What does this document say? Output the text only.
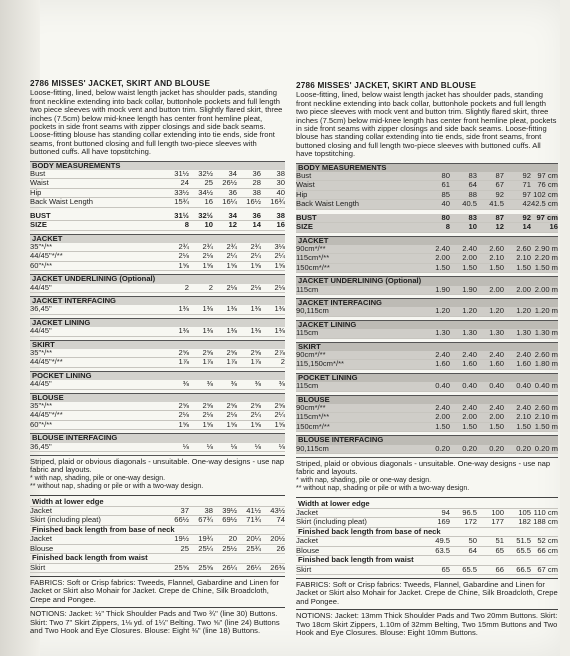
2786 MISSES' JACKET, SKIRT AND BLOUSE
Loose-fitting, lined, below waist length jacket has shoulder pads, standing front neckline extending into back collar, buttonhole pockets and full length two piece sleeves with mock vent and button trim. Slightly flared skirt, three inches (7.5cm) below mid-knee length has center front hemline pleat, pockets in side front seams with zipper closings and side back seams. Loose-fitting blouse has standing collar extending into tie ends, side front seams, front buttoned closing and full length two-piece sleeves with buttoned cuffs. All have topstitching.
BODY MEASUREMENTS
Bust	31½	32½	34	36	38
Waist	24	25	26½	28	30
Hip	33½	34½	36	38	40
Back Waist Length	15¾	16	16¼	16½	16¾
BUST	31½	32½	34	36	38
SIZE	8	10	12	14	16
JACKET
35"*/**	2¾	2¾	2¾	2¾	3⅛
44/45"*/**	2⅛	2⅛	2¼	2¼	2¼
60"*/**	1⅝	1⅝	1⅝	1⅝	1⅝
JACKET UNDERLINING (Optional)
44/45"	2	2	2⅛	2⅛	2⅛
JACKET INTERFACING
36,45"	1⅜	1⅜	1⅜	1⅜	1⅜
JACKET LINING
44/45"	1⅜	1⅜	1⅜	1⅜	1⅜
SKIRT
35"*/**	2⅝	2⅝	2⅝	2⅝	2⅞
44/45"*/**	1⅞	1⅞	1⅞	1⅞	2
POCKET LINING
44/45"	⅜	⅜	⅜	⅜	⅜
BLOUSE
35"*/**	2⅝	2⅝	2⅝	2⅝	2⅝
44/45"*/**	2⅛	2⅛	2⅛	2¼	2¼
60"*/**	1⅝	1⅝	1⅝	1⅝	1⅝
BLOUSE INTERFACING
36,45"	⅛	⅛	⅛	⅛	⅛
Striped, plaid or obvious diagonals - unsuitable. One-way designs - use nap fabric and layouts.
* with nap, shading, pile or one-way design.
** without nap, shading or pile or with a two-way design.
Width at lower edge
Jacket	37	38	39½	41½	43½
Skirt (including pleat)	66½	67¾	69½	71¾	74
Finished back length from base of neck
Jacket	19½	19¾	20	20¼	20½
Blouse	25	25¼	25½	25¾	26
Finished back length from waist
Skirt	25⅝	25⅝	26¼	26¼	26⅜
FABRICS: Soft or Crisp fabrics: Tweeds, Flannel, Gabardine and Linen for Jacket or Skirt also Mohair for Jacket. Crepe de Chine, Silk Broadcloth, Crepe and Pongee.
NOTIONS: Jacket: ½" Thick Shoulder Pads and Two ¾" (line 30) Buttons. Skirt: Two 7" Skirt Zippers, 1⅛ yd. of 1¼" Belting. Two ⅝" (line 24) Buttons and Two Hook and Eye Closures. Blouse: Eight ⅜" (line 18) Buttons.
2786 MISSES' JACKET, SKIRT AND BLOUSE
Loose-fitting, lined, below waist length jacket has shoulder pads, standing front neckline extending into back collar, buttonhole pockets and full length two piece sleeves with mock vent and button trim. Slightly flared skirt, three inches (7.5cm) below mid-knee length has center front hemline pleat, pockets in side front seams with zipper closings and side back seams. Loose-fitting blouse has standing collar extending into tie ends, side front seams, front buttoned closing and full length two-piece sleeves with buttoned cuffs. All have topstitching.
BODY MEASUREMENTS
Bust	80	83	87	92 97 cm
Waist	61	64	67	71 76 cm
Hip	85	88	92	97 102 cm
Back Waist Length	40	40.5	41.5	42 42.5 cm
BUST	80	83	87	92 97 cm
SIZE	8	10	12	14	16
JACKET
90cm*/**	2.40	2.40	2.60	2.60 2.90 m
115cm*/**	2.00	2.00	2.10	2.10 2.20 m
150cm*/**	1.50	1.50	1.50	1.50 1.50 m
JACKET UNDERLINING (Optional)
115cm	1.90	1.90	2.00	2.00 2.00 m
JACKET INTERFACING
90,115cm	1.20	1.20	1.20	1.20 1.20 m
JACKET LINING
115cm	1.30	1.30	1.30	1.30 1.30 m
SKIRT
90cm*/**	2.40	2.40	2.40	2.40 2.60 m
115,150cm*/**	1.60	1.60	1.60	1.60 1.80 m
POCKET LINING
115cm	0.40	0.40	0.40	0.40 0.40 m
BLOUSE
90cm*/**	2.40	2.40	2.40	2.40 2.60 m
115cm*/**	2.00	2.00	2.00	2.10 2.10 m
150cm*/**	1.50	1.50	1.50	1.50 1.50 m
BLOUSE INTERFACING
90,115cm	0.20	0.20	0.20	0.20 0.20 m
Striped, plaid or obvious diagonals - unsuitable. One-way designs - use nap fabric and layouts.
* with nap, shading, pile or one-way design.
** without nap, shading or pile or with a two-way design.
Width at lower edge
Jacket	94	96.5	100	105 110 cm
Skirt (including pleat)	169	172	177	182 188 cm
Finished back length from base of neck
Jacket	49.5	50	51	51.5 52 cm
Blouse	63.5	64	65	65.5 66 cm
Finished back length from waist
Skirt	65	65.5	66	66.5 67 cm
FABRICS: Soft or Crisp fabrics: Tweeds, Flannel, Gabardine and Linen for Jacket or Skirt also Mohair for Jacket. Crepe de Chine, Silk Broadcloth, Crepe and Pongee.
NOTIONS: Jacket: 13mm Thick Shoulder Pads and Two 20mm Buttons. Skirt: Two 18cm Skirt Zippers, 1.10m of 32mm Belting, Two 15mm Buttons and Two Hook and Eye Closures. Blouse: Eight 10mm Buttons.
